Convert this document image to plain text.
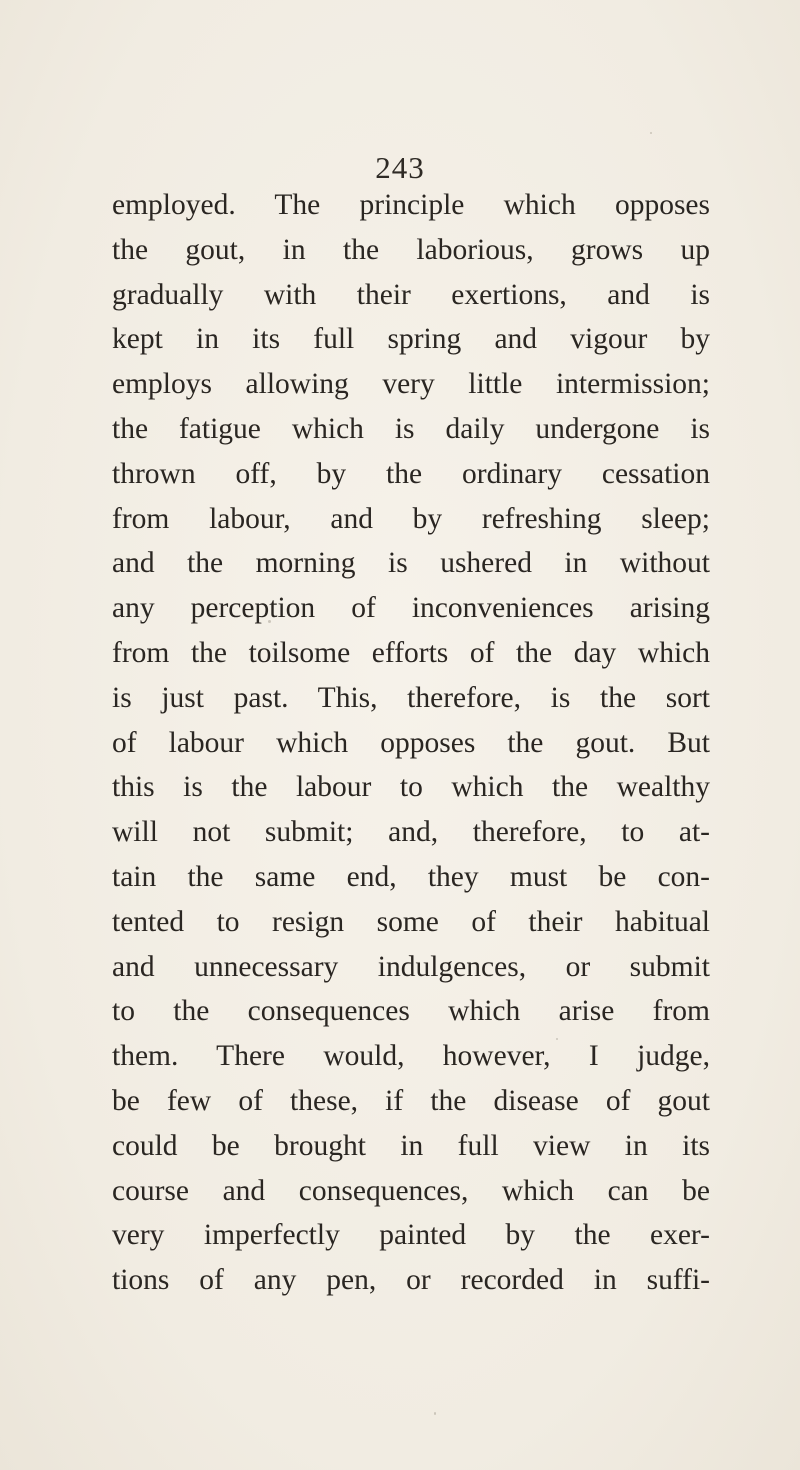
243
employed. The principle which opposes
the gout, in the laborious, grows up
gradually with their exertions, and is
kept in its full spring and vigour by
employs allowing very little intermission;
the fatigue which is daily undergone is
thrown off, by the ordinary cessation
from labour, and by refreshing sleep;
and the morning is ushered in without
any perception of inconveniences arising
from the toilsome efforts of the day which
is just past. This, therefore, is the sort
of labour which opposes the gout. But
this is the labour to which the wealthy
will not submit; and, therefore, to at-
tain the same end, they must be con-
tented to resign some of their habitual
and unnecessary indulgences, or submit
to the consequences which arise from
them. There would, however, I judge,
be few of these, if the disease of gout
could be brought in full view in its
course and consequences, which can be
very imperfectly painted by the exer-
tions of any pen, or recorded in suffi-
